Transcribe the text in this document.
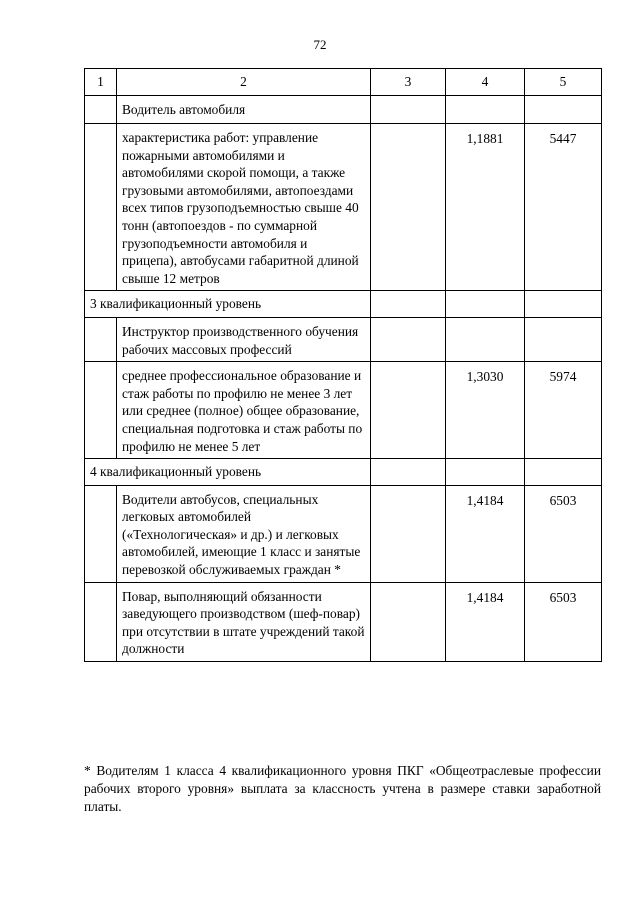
72
1	2	3	4	5
	Водитель автомобиля			
	характеристика работ: управление пожарными автомобилями и автомобилями скорой помощи, а также грузовыми автомобилями, автопоездами всех типов грузоподъемностью свыше 40 тонн (автопоездов - по суммарной грузоподъемности автомобиля и прицепа), автобусами габаритной длиной свыше 12 метров		1,1881	5447
3 квалификационный уровень				
	Инструктор производственного обучения рабочих массовых профессий			
	среднее профессиональное образование и стаж работы по профилю не менее 3 лет или среднее (полное) общее образование, специальная подготовка и стаж работы по профилю не менее 5 лет		1,3030	5974
4 квалификационный уровень				
	Водители автобусов, специальных легковых автомобилей («Технологическая» и др.) и легковых автомобилей, имеющие 1 класс и занятые перевозкой обслуживаемых граждан *		1,4184	6503
	Повар, выполняющий обязанности заведующего производством (шеф-повар) при отсутствии в штате учреждений такой должности		1,4184	6503
* Водителям 1 класса 4 квалификационного уровня ПКГ «Общеотраслевые профессии рабочих второго уровня» выплата за классность учтена в размере ставки заработной платы.
